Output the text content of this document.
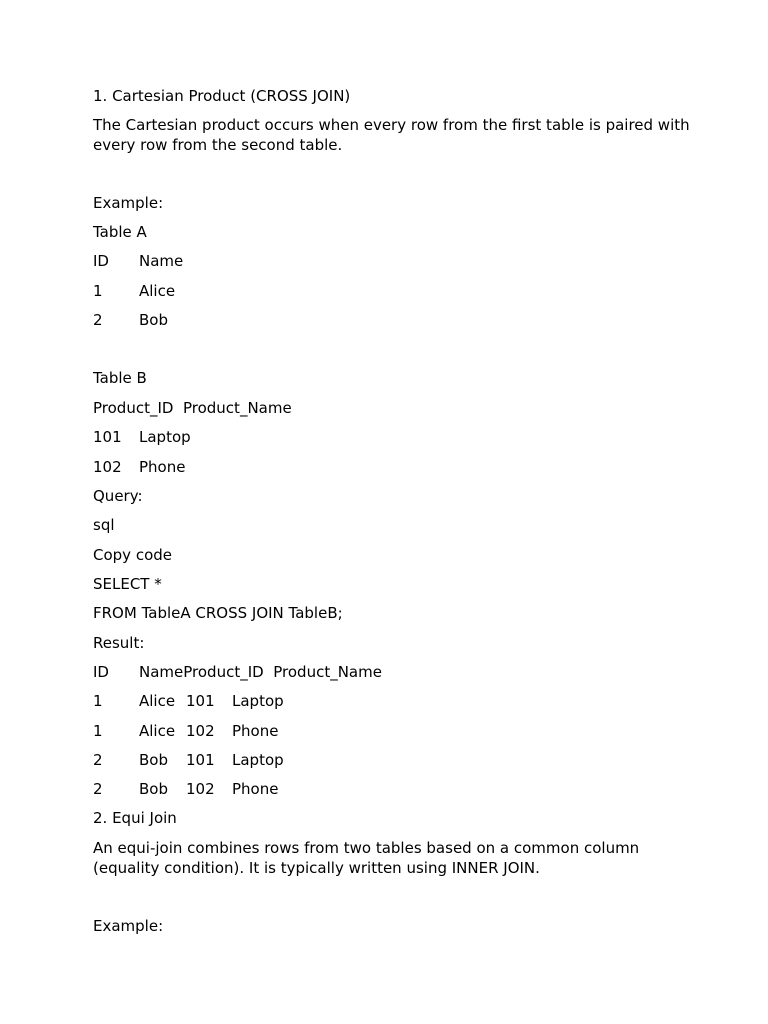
1. Cartesian Product (CROSS JOIN)
The Cartesian product occurs when every row from the first table is paired with every row from the second table.
Example:
Table A
ID Name
1 Alice
2 Bob
Table B
Product_ID Product_Name
101 Laptop
102 Phone
Query:
sql
Copy code
SELECT *
FROM TableA CROSS JOIN TableB;
Result:
ID NameProduct_ID Product_Name
1 Alice 101 Laptop
1 Alice 102 Phone
2 Bob 101 Laptop
2 Bob 102 Phone
2. Equi Join
An equi-join combines rows from two tables based on a common column (equality condition). It is typically written using INNER JOIN.
Example:
